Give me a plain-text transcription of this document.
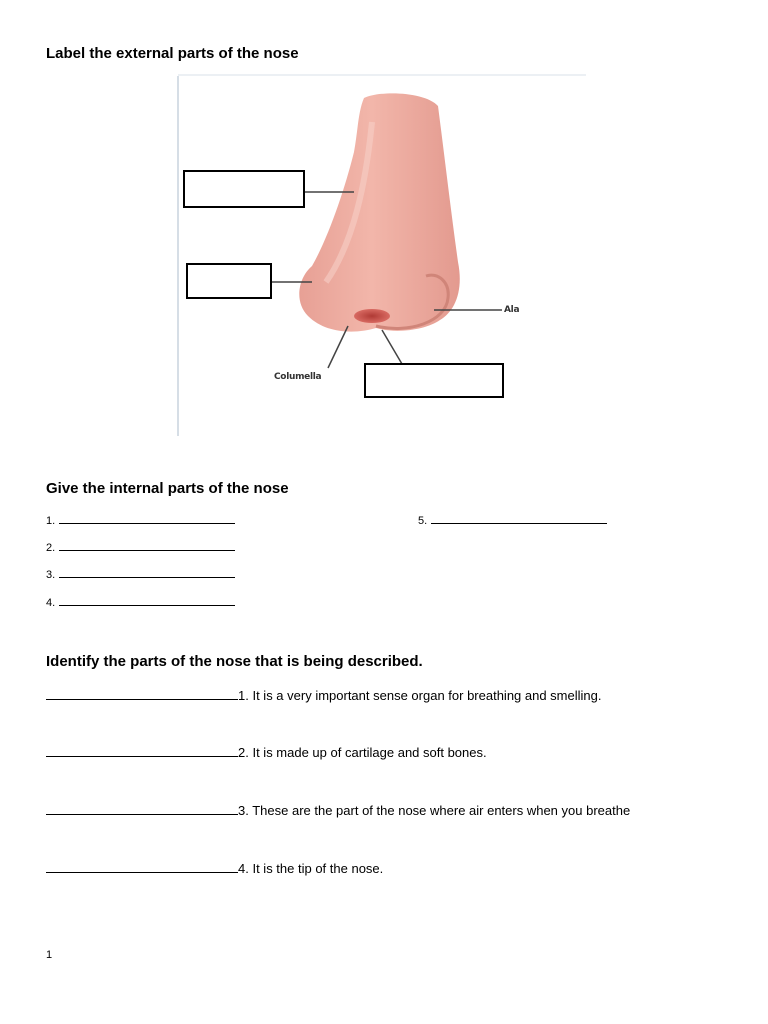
Label the external parts of the nose
Columella
Ala
Give the internal parts of the nose
1.
2.
3.
4.
5.
Identify the parts of the nose that is being described.
1. It is a very important sense organ for breathing and smelling.
2. It is made up of cartilage and soft bones.
3. These are the part of the nose where air enters when you breathe
4. It is the tip of the nose.
1
